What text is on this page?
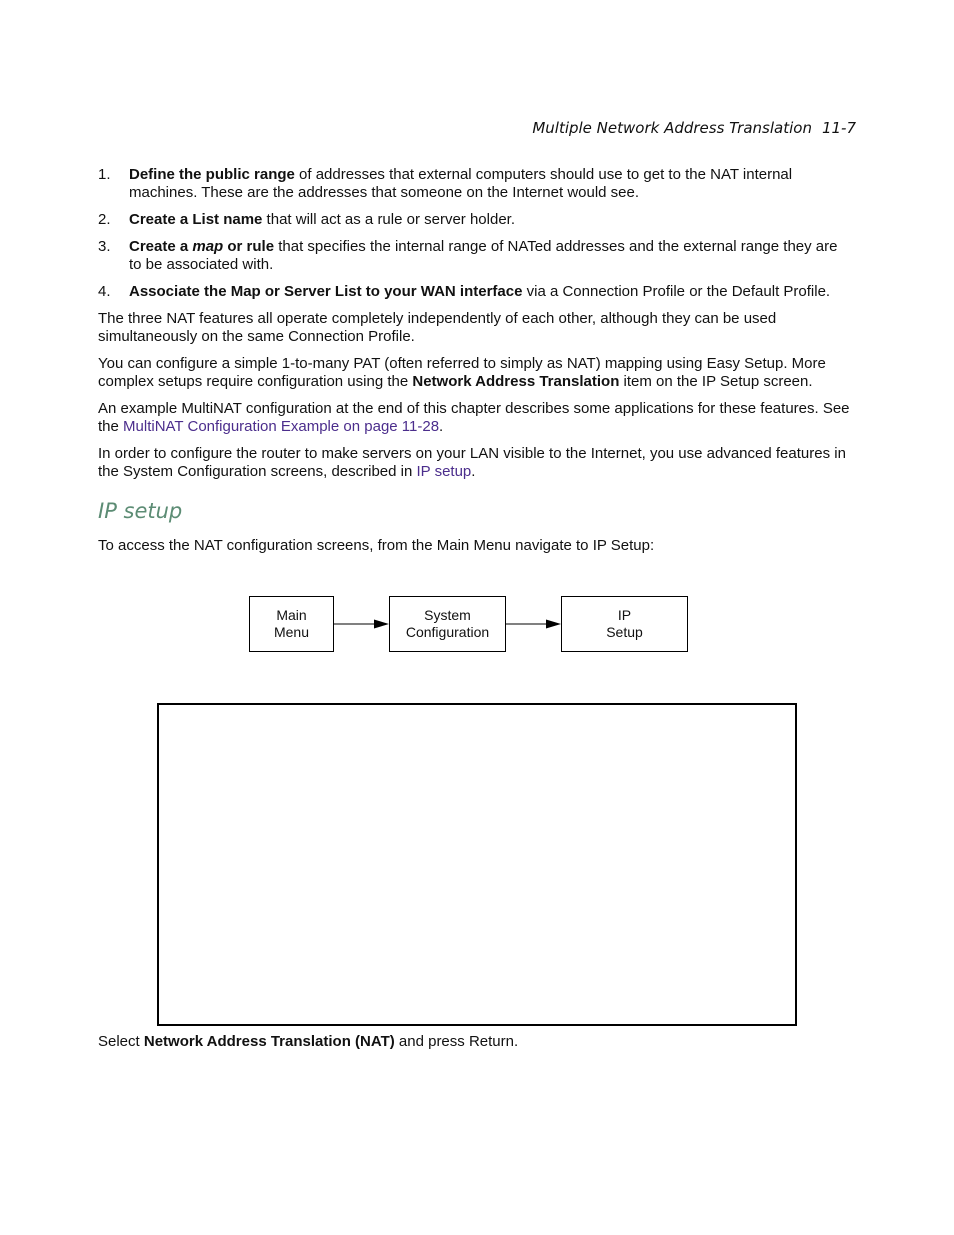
Multiple Network Address Translation 11-7
1.	Define the public range of addresses that external computers should use to get to the NAT internal machines. These are the addresses that someone on the Internet would see.
2.	Create a List name that will act as a rule or server holder.
3.	Create a map or rule that specifies the internal range of NATed addresses and the external range they are to be associated with.
4.	Associate the Map or Server List to your WAN interface via a Connection Profile or the Default Profile.

The three NAT features all operate completely independently of each other, although they can be used simultaneously on the same Connection Profile.

You can configure a simple 1-to-many PAT (often referred to simply as NAT) mapping using Easy Setup. More complex setups require configuration using the Network Address Translation item on the IP Setup screen.

An example MultiNAT configuration at the end of this chapter describes some applications for these features. See the MultiNAT Configuration Example on page 11-28.

In order to configure the router to make servers on your LAN visible to the Internet, you use advanced features in the System Configuration screens, described in IP setup.

IP setup

To access the NAT configuration screens, from the Main Menu navigate to IP Setup:

Main
Menu
System
Configuration
IP
Setup

Select Network Address Translation (NAT) and press Return.
